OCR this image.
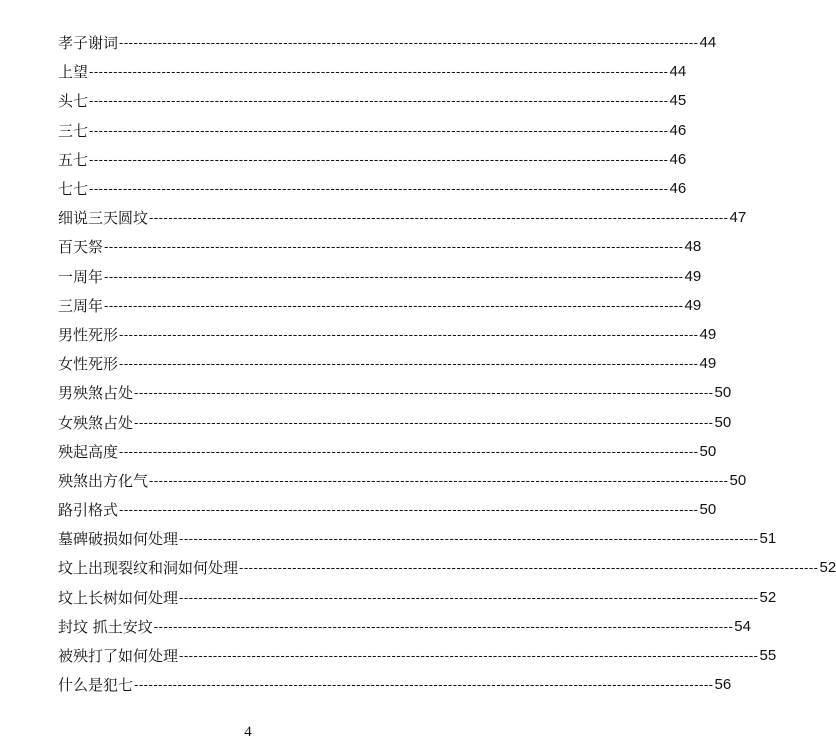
孝子谢词 ------------------------------------------------------------------------------------------------------------------------ 44
上望 ------------------------------------------------------------------------------------------------------------------------ 44
头七 ------------------------------------------------------------------------------------------------------------------------ 45
三七 ------------------------------------------------------------------------------------------------------------------------ 46
五七 ------------------------------------------------------------------------------------------------------------------------ 46
七七 ------------------------------------------------------------------------------------------------------------------------ 46
细说三天圆坟 ------------------------------------------------------------------------------------------------------------------------ 47
百天祭 ------------------------------------------------------------------------------------------------------------------------ 48
一周年 ------------------------------------------------------------------------------------------------------------------------ 49
三周年 ------------------------------------------------------------------------------------------------------------------------ 49
男性死形 ------------------------------------------------------------------------------------------------------------------------ 49
女性死形 ------------------------------------------------------------------------------------------------------------------------ 49
男殃煞占处 ------------------------------------------------------------------------------------------------------------------------ 50
女殃煞占处 ------------------------------------------------------------------------------------------------------------------------ 50
殃起高度 ------------------------------------------------------------------------------------------------------------------------ 50
殃煞出方化气 ------------------------------------------------------------------------------------------------------------------------ 50
路引格式 ------------------------------------------------------------------------------------------------------------------------ 50
墓碑破损如何处理 ------------------------------------------------------------------------------------------------------------------------ 51
坟上出现裂纹和洞如何处理 ------------------------------------------------------------------------------------------------------------------------ 52
坟上长树如何处理 ------------------------------------------------------------------------------------------------------------------------ 52
封坟 抓土安坟 ------------------------------------------------------------------------------------------------------------------------ 54
被殃打了如何处理 ------------------------------------------------------------------------------------------------------------------------ 55
什么是犯七 ------------------------------------------------------------------------------------------------------------------------ 56
4
